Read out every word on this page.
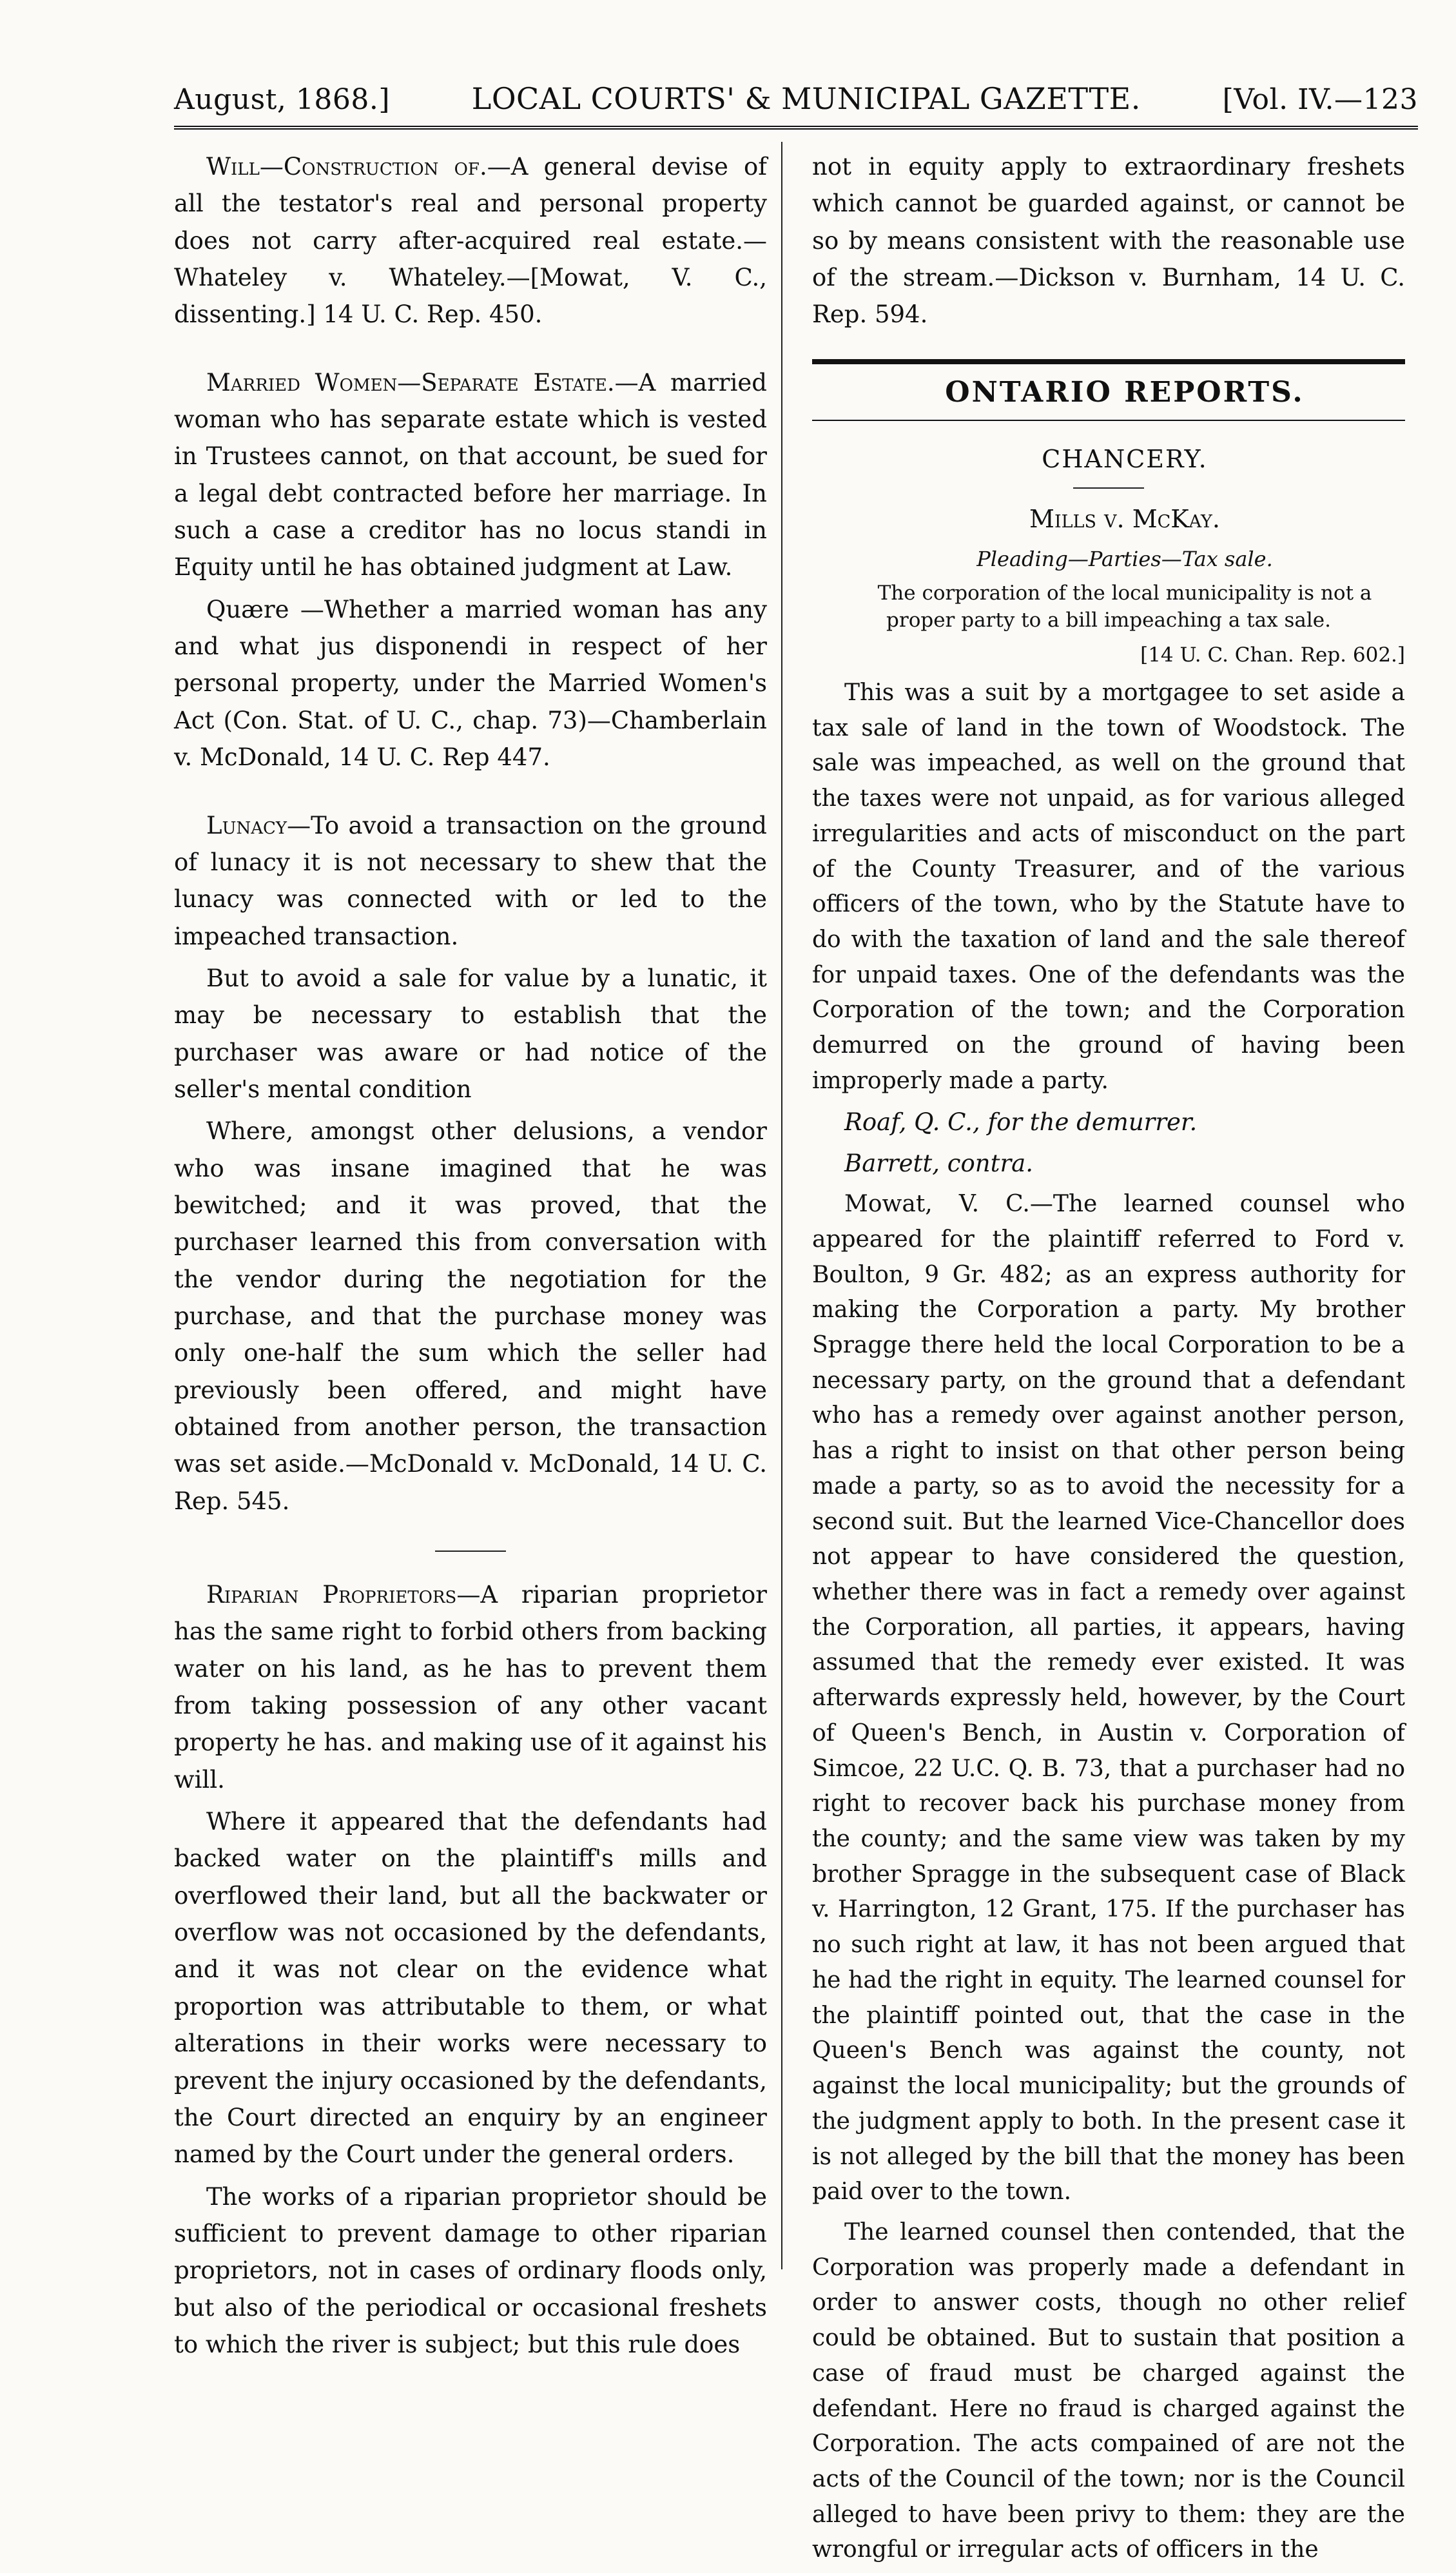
August, 1868.]	LOCAL COURTS' & MUNICIPAL GAZETTE.	[Vol. IV.—123

Will—Construction of.—A general devise of all the testator's real and personal property does not carry after-acquired real estate.— Whateley v. Whateley.—[Mowat, V. C., dissenting.] 14 U. C. Rep. 450.

Married Women—Separate Estate.—A married woman who has separate estate which is vested in Trustees cannot, on that account, be sued for a legal debt contracted before her marriage. In such a case a creditor has no locus standi in Equity until he has obtained judgment at Law.

Quære —Whether a married woman has any and what jus disponendi in respect of her personal property, under the Married Women's Act (Con. Stat. of U. C., chap. 73)—Chamberlain v. McDonald, 14 U. C. Rep 447.

Lunacy—To avoid a transaction on the ground of lunacy it is not necessary to shew that the lunacy was connected with or led to the impeached transaction.

But to avoid a sale for value by a lunatic, it may be necessary to establish that the purchaser was aware or had notice of the seller's mental condition

Where, amongst other delusions, a vendor who was insane imagined that he was bewitched; and it was proved, that the purchaser learned this from conversation with the vendor during the negotiation for the purchase, and that the purchase money was only one-half the sum which the seller had previously been offered, and might have obtained from another person, the transaction was set aside.—McDonald v. McDonald, 14 U. C. Rep. 545.

Riparian Proprietors—A riparian proprietor has the same right to forbid others from backing water on his land, as he has to prevent them from taking possession of any other vacant property he has. and making use of it against his will.

Where it appeared that the defendants had backed water on the plaintiff's mills and overflowed their land, but all the backwater or overflow was not occasioned by the defendants, and it was not clear on the evidence what proportion was attributable to them, or what alterations in their works were necessary to prevent the injury occasioned by the defendants, the Court directed an enquiry by an engineer named by the Court under the general orders.

The works of a riparian proprietor should be sufficient to prevent damage to other riparian proprietors, not in cases of ordinary floods only, but also of the periodical or occasional freshets to which the river is subject; but this rule does

not in equity apply to extraordinary freshets which cannot be guarded against, or cannot be so by means consistent with the reasonable use of the stream.—Dickson v. Burnham, 14 U. C. Rep. 594.

ONTARIO REPORTS.

CHANCERY.

Mills v. McKay.

Pleading—Parties—Tax sale.

The corporation of the local municipality is not a proper party to a bill impeaching a tax sale.

[14 U. C. Chan. Rep. 602.]

This was a suit by a mortgagee to set aside a tax sale of land in the town of Woodstock. The sale was impeached, as well on the ground that the taxes were not unpaid, as for various alleged irregularities and acts of misconduct on the part of the County Treasurer, and of the various officers of the town, who by the Statute have to do with the taxation of land and the sale thereof for unpaid taxes. One of the defendants was the Corporation of the town; and the Corporation demurred on the ground of having been improperly made a party.

Roaf, Q. C., for the demurrer.

Barrett, contra.

Mowat, V. C.—The learned counsel who appeared for the plaintiff referred to Ford v. Boulton, 9 Gr. 482; as an express authority for making the Corporation a party. My brother Spragge there held the local Corporation to be a necessary party, on the ground that a defendant who has a remedy over against another person, has a right to insist on that other person being made a party, so as to avoid the necessity for a second suit. But the learned Vice-Chancellor does not appear to have considered the question, whether there was in fact a remedy over against the Corporation, all parties, it appears, having assumed that the remedy ever existed. It was afterwards expressly held, however, by the Court of Queen's Bench, in Austin v. Corporation of Simcoe, 22 U.C. Q. B. 73, that a purchaser had no right to recover back his purchase money from the county; and the same view was taken by my brother Spragge in the subsequent case of Black v. Harrington, 12 Grant, 175. If the purchaser has no such right at law, it has not been argued that he had the right in equity. The learned counsel for the plaintiff pointed out, that the case in the Queen's Bench was against the county, not against the local municipality; but the grounds of the judgment apply to both. In the present case it is not alleged by the bill that the money has been paid over to the town.

The learned counsel then contended, that the Corporation was properly made a defendant in order to answer costs, though no other relief could be obtained. But to sustain that position a case of fraud must be charged against the defendant. Here no fraud is charged against the Corporation. The acts compained of are not the acts of the Council of the town; nor is the Council alleged to have been privy to them: they are the wrongful or irregular acts of officers in the
